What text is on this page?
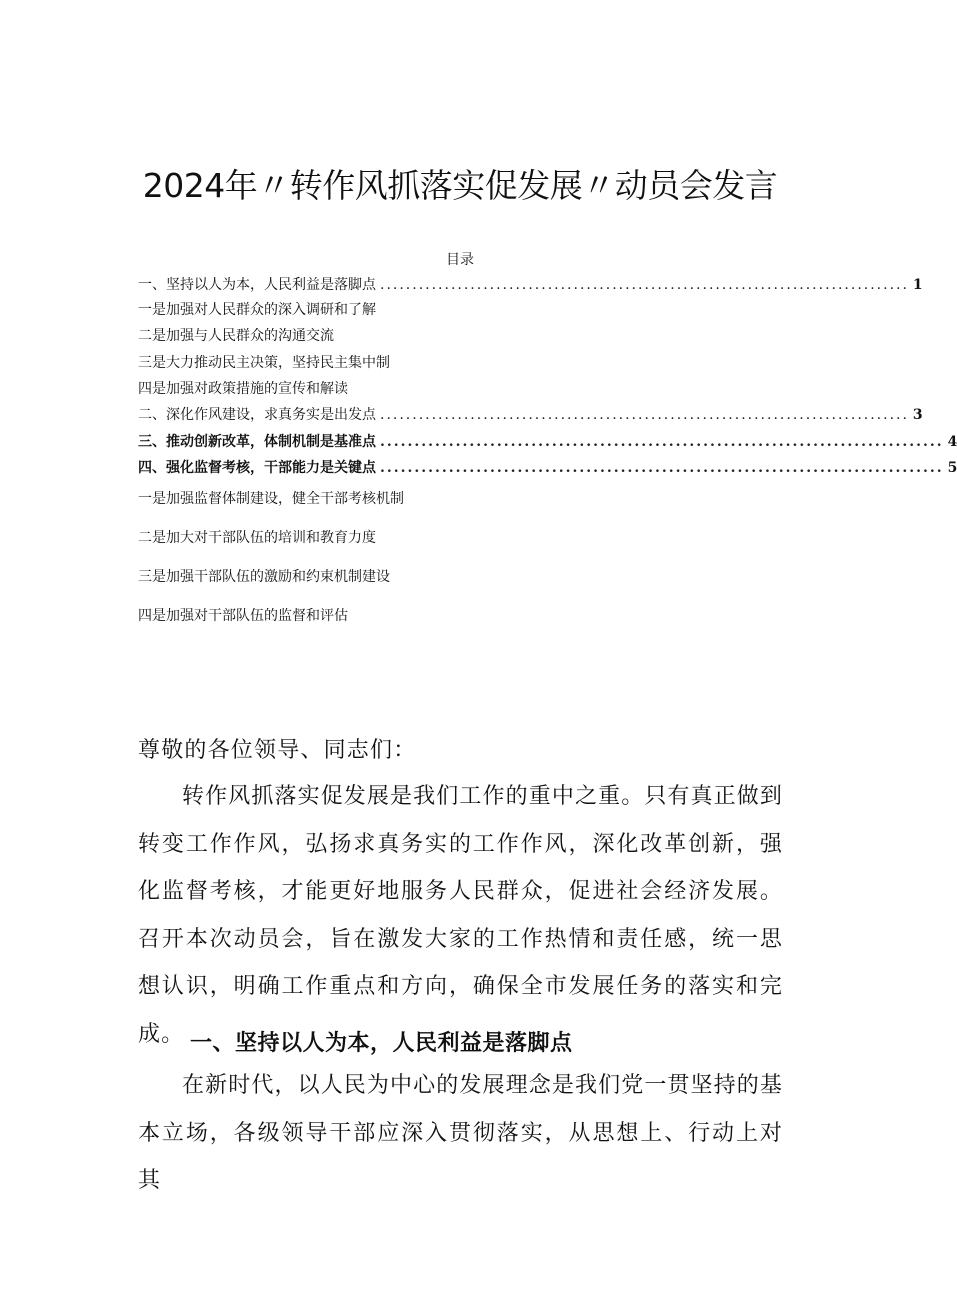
2024年〃转作风抓落实促发展〃动员会发言
目录
一、坚持以人为本，人民利益是落脚点 .................................................................................. 1
一是加强对人民群众的深入调研和了解
二是加强与人民群众的沟通交流
三是大力推动民主决策，坚持民主集中制
四是加强对政策措施的宣传和解读
二、深化作风建设，求真务实是出发点 .................................................................................. 3
三、推动创新改革，体制机制是基准点 .................................................................................. 4
四、强化监督考核，干部能力是关键点 .................................................................................. 5
一是加强监督体制建设，健全干部考核机制
二是加大对干部队伍的培训和教育力度
三是加强干部队伍的激励和约束机制建设
四是加强对干部队伍的监督和评估

尊敬的各位领导、同志们：

转作风抓落实促发展是我们工作的重中之重。只有真正做到转变工作作风，弘扬求真务实的工作作风，深化改革创新，强化监督考核，才能更好地服务人民群众，促进社会经济发展。召开本次动员会，旨在激发大家的工作热情和责任感，统一思想认识，明确工作重点和方向，确保全市发展任务的落实和完成。 一、坚持以人为本，人民利益是落脚点

在新时代，以人民为中心的发展理念是我们党一贯坚持的基本立场，各级领导干部应深入贯彻落实，从思想上、行动上对其
